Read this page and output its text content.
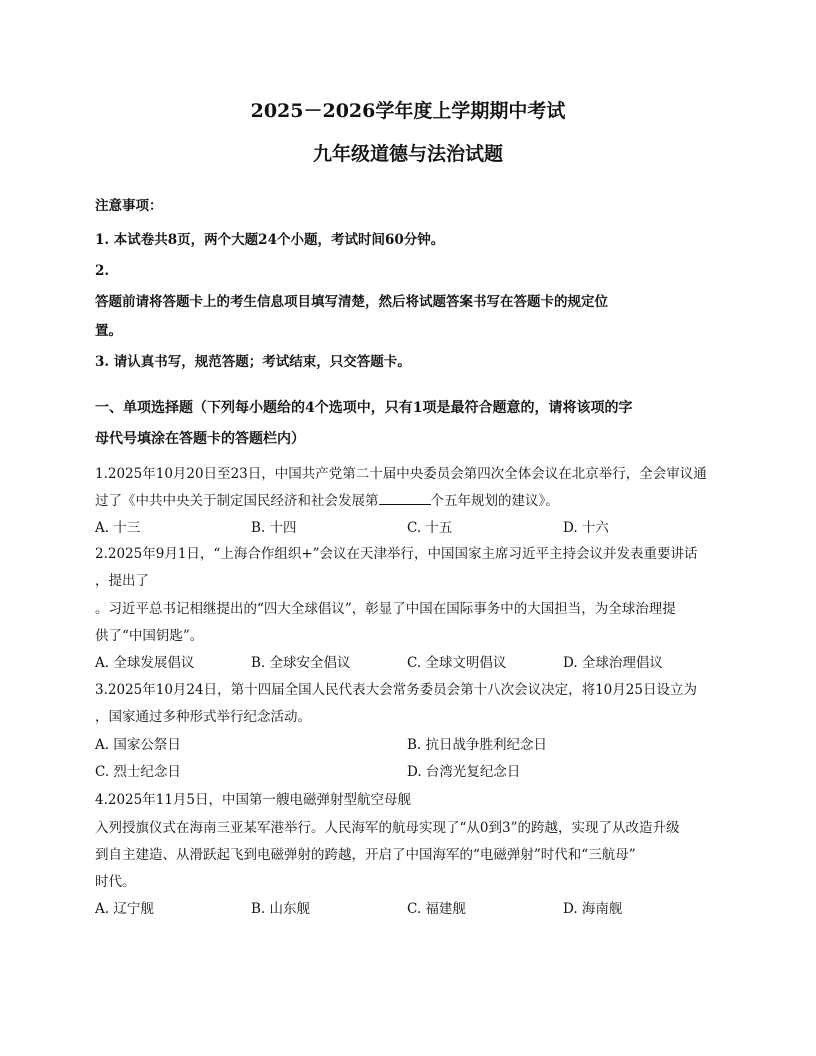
2025－2026学年度上学期期中考试
九年级道德与法治试题
注意事项：
1. 本试卷共8页，两个大题24个小题，考试时间60分钟。
2.
答题前请将答题卡上的考生信息项目填写清楚，然后将试题答案书写在答题卡的规定位
置。
3. 请认真书写，规范答题；考试结束，只交答题卡。
一、单项选择题（下列每小题给的4个选项中，只有1项是最符合题意的，请将该项的字
母代号填涂在答题卡的答题栏内）
1.2025年10月20日至23日，中国共产党第二十届中央委员会第四次全体会议在北京举行，全会审议通
过了《中共中央关于制定国民经济和社会发展第	个五年规划的建议》。
A. 十三	B. 十四	C. 十五	D. 十六
2.2025年9月1日，“上海合作组织+”会议在天津举行，中国国家主席习近平主持会议并发表重要讲话
，提出了
。习近平总书记相继提出的“四大全球倡议”，彰显了中国在国际事务中的大国担当，为全球治理提
供了“中国钥匙”。
A. 全球发展倡议	B. 全球安全倡议	C. 全球文明倡议	D. 全球治理倡议
3.2025年10月24日，第十四届全国人民代表大会常务委员会第十八次会议决定，将10月25日设立为
，国家通过多种形式举行纪念活动。
A. 国家公祭日	B. 抗日战争胜利纪念日
C. 烈士纪念日	D. 台湾光复纪念日
4.2025年11月5日，中国第一艘电磁弹射型航空母舰
入列授旗仪式在海南三亚某军港举行。人民海军的航母实现了“从0到3”的跨越，实现了从改造升级
到自主建造、从滑跃起飞到电磁弹射的跨越，开启了中国海军的“电磁弹射”时代和“三航母”
时代。
A. 辽宁舰	B. 山东舰	C. 福建舰	D. 海南舰
